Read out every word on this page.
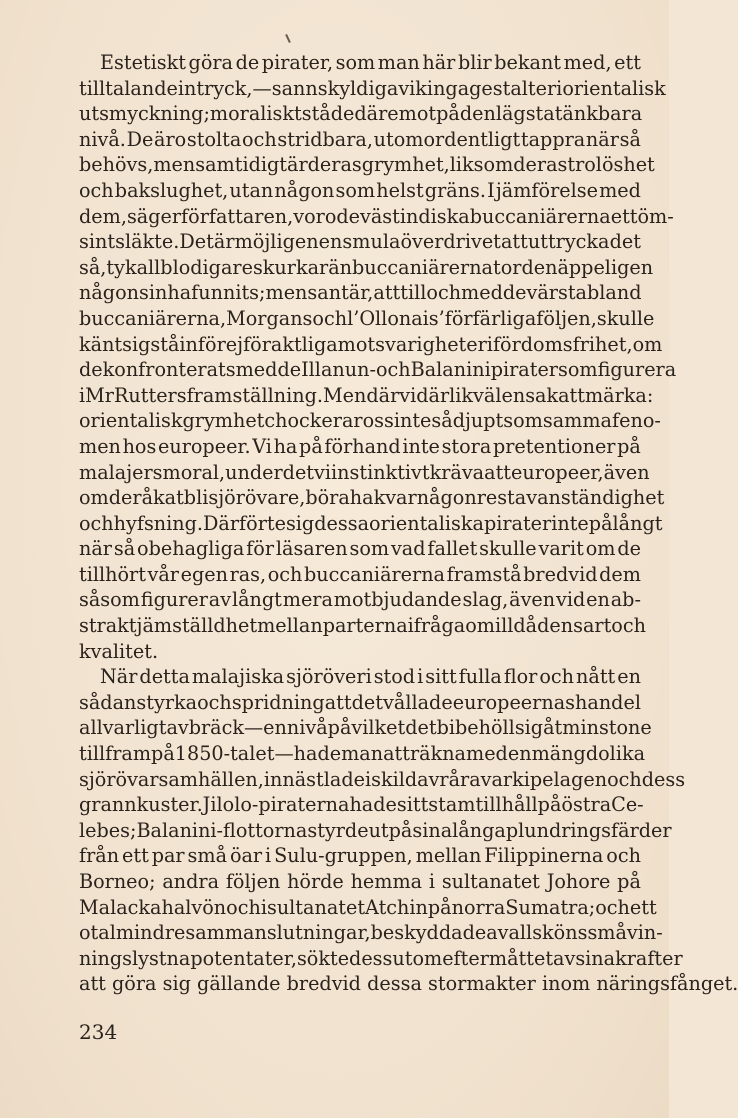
Estetiskt göra de pirater, som man här blir bekant med, ett
tilltalande intryck, — sannskyldiga vikingagestalter i orientalisk
utsmyckning; moraliskt stå de däremot på den lägsta tänkbara
nivå. De äro stolta och stridbara, utomordentligt tappra när så
behövs, men samtidigt är deras grymhet, liksom deras trolöshet
och bakslughet, utan någon som helst gräns. I jämförelse med
dem, säger författaren, voro de västindiska buccaniärerna ett öm-
sint släkte. Det är möjligen en smula överdrivet att uttrycka det
så, ty kallblodigare skurkar än buccaniärerna torde näppeligen
någonsin ha funnits; men sant är, att till och med de värsta bland
buccaniärerna, Morgans och l’Ollonais’ förfärliga följen, skulle
känt sig stå inför ej föraktliga motsvarigheter i fördomsfrihet, om
de konfronterats med de Illanun- och Balaninipirater som figurera
i Mr Rutters framställning. Men därvid är likväl en sak att märka:
orientalisk grymhet chockerar oss inte så djupt som samma feno-
men hos europeer. Vi ha på förhand inte stora pretentioner på
malajers moral, under det vi instinktivt kräva att europeer, även
om de råkat bli sjörövare, böra ha kvar någon rest av anständighet
och hyfsning. Därför te sig dessa orientaliska pirater inte på långt
när så obehagliga för läsaren som vad fallet skulle varit om de
tillhört vår egen ras, och buccaniärerna framstå bredvid dem
såsom figurer av långt mera motbjudande slag, även vid en ab-
strakt jämställdhet mellan parterna i fråga om illdådens art och
kvalitet.
När detta malajiska sjöröveri stod i sitt fulla flor och nått en
sådan styrka och spridning att det vållade europeernas handel
allvarligt avbräck — en nivå på vilket det bibehöll sig åtminstone
till fram på 1850-talet — hade man att räkna med en mängd olika
sjörövarsamhällen, innästlade i skilda vrår av arkipelagen och dess
grannkuster. Jilolo-piraterna hade sitt stamtillhåll på östra Ce-
lebes; Balanini-flottorna styrde ut på sina långa plundringsfärder
från ett par små öar i Sulu-gruppen, mellan Filippinerna och
Borneo; andra följen hörde hemma i sultanatet Johore på
Malackahalvön och i sultanatet Atchin på norra Sumatra; och ett
otal mindre sammanslutningar, beskyddade av allsköns små vin-
ningslystna potentater, sökte dessutom efter måttet av sina krafter
att göra sig gällande bredvid dessa stormakter inom näringsfånget.
234
